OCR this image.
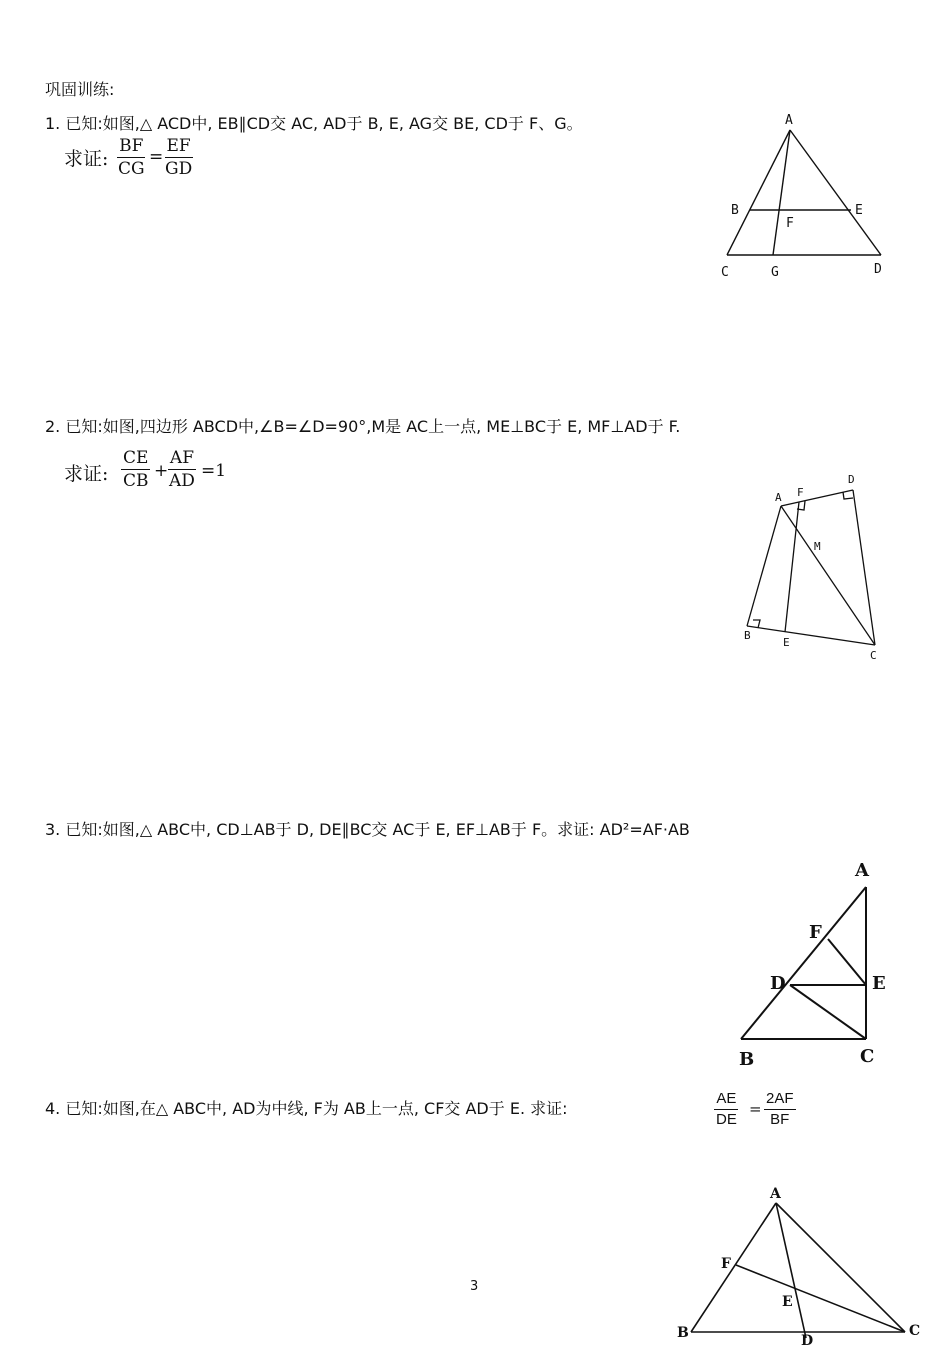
巩固训练:
1. 已知:如图,△ ACD中, EB∥CD交 AC, AD于 B, E, AG交 BE, CD于 F、G。
求证: $\frac{BF}{CG} = \frac{EF}{GD}$
A
B	E
F
C	G	D
2. 已知:如图,四边形 ABCD中,∠B=∠D=90°,M是 AC上一点, ME⊥BC于 E, MF⊥AD于 F.
求证: $\frac{CE}{CB}$ +
$\frac{AF}{AD} =1$
A F
D
M
B
E
C
3. 已知:如图,△ ABC中, CD⊥AB于 D, DE∥BC交 AC于 E, EF⊥AB于 F。求证: AD²=AF·AB
A
F
D	E
B	C
4. 已知:如图,在△ ABC中, AD为中线, F为 AB上一点, CF交 AD于 E. 求证:	$\frac{AE}{DE} = \frac{2AF}{BF}$
A
F
E
B	D
C
3
